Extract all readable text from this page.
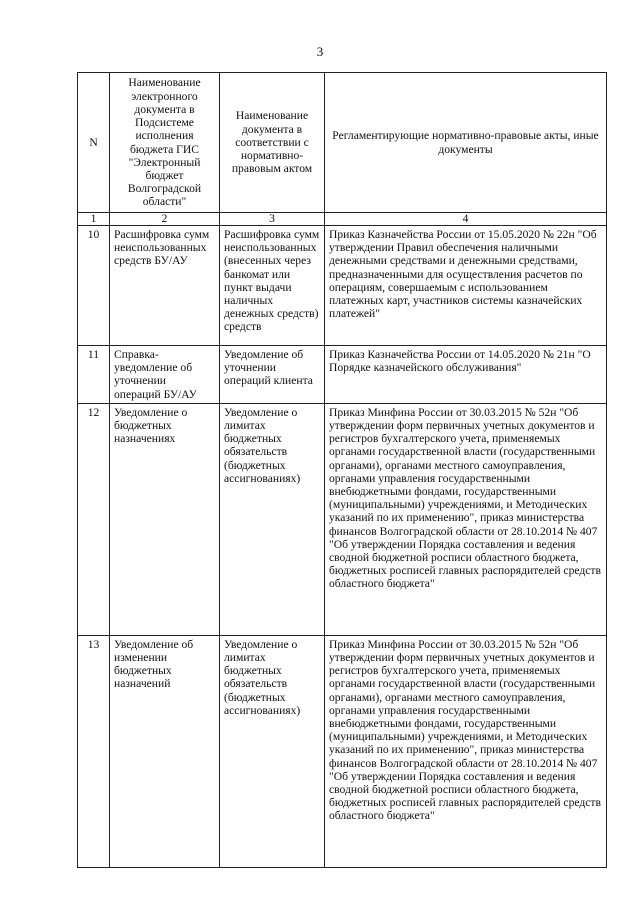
3
N	Наименование электронного документа в Подсистеме исполнения бюджета ГИС "Электронный бюджет Волгоградской области"	Наименование документа в соответствии с нормативно-правовым актом	Регламентирующие нормативно-правовые акты, иные документы
1	2	3	4
10	Расшифровка сумм неиспользованных средств БУ/АУ	Расшифровка сумм неиспользованных (внесенных через банкомат или пункт выдачи наличных денежных средств) средств	Приказ Казначейства России от 15.05.2020 № 22н "Об утверждении Правил обеспечения наличными денежными средствами и денежными средствами, предназначенными для осуществления расчетов по операциям, совершаемым с использованием платежных карт, участников системы казначейских платежей"
11	Справка-уведомление об уточнении операций БУ/АУ	Уведомление об уточнении операций клиента	Приказ Казначейства России от 14.05.2020 № 21н "О Порядке казначейского обслуживания"
12	Уведомление о бюджетных назначениях	Уведомление о лимитах бюджетных обязательств (бюджетных ассигнованиях)	Приказ Минфина России от 30.03.2015 № 52н "Об утверждении форм первичных учетных документов и регистров бухгалтерского учета, применяемых органами государственной власти (государственными органами), органами местного самоуправления, органами управления государственными внебюджетными фондами, государственными (муниципальными) учреждениями, и Методических указаний по их применению", приказ министерства финансов Волгоградской области от 28.10.2014 № 407 "Об утверждении Порядка составления и ведения сводной бюджетной росписи областного бюджета, бюджетных росписей главных распорядителей средств областного бюджета"
13	Уведомление об изменении бюджетных назначений	Уведомление о лимитах бюджетных обязательств (бюджетных ассигнованиях)	Приказ Минфина России от 30.03.2015 № 52н "Об утверждении форм первичных учетных документов и регистров бухгалтерского учета, применяемых органами государственной власти (государственными органами), органами местного самоуправления, органами управления государственными внебюджетными фондами, государственными (муниципальными) учреждениями, и Методических указаний по их применению", приказ министерства финансов Волгоградской области от 28.10.2014 № 407 "Об утверждении Порядка составления и ведения сводной бюджетной росписи областного бюджета, бюджетных росписей главных распорядителей средств областного бюджета"
